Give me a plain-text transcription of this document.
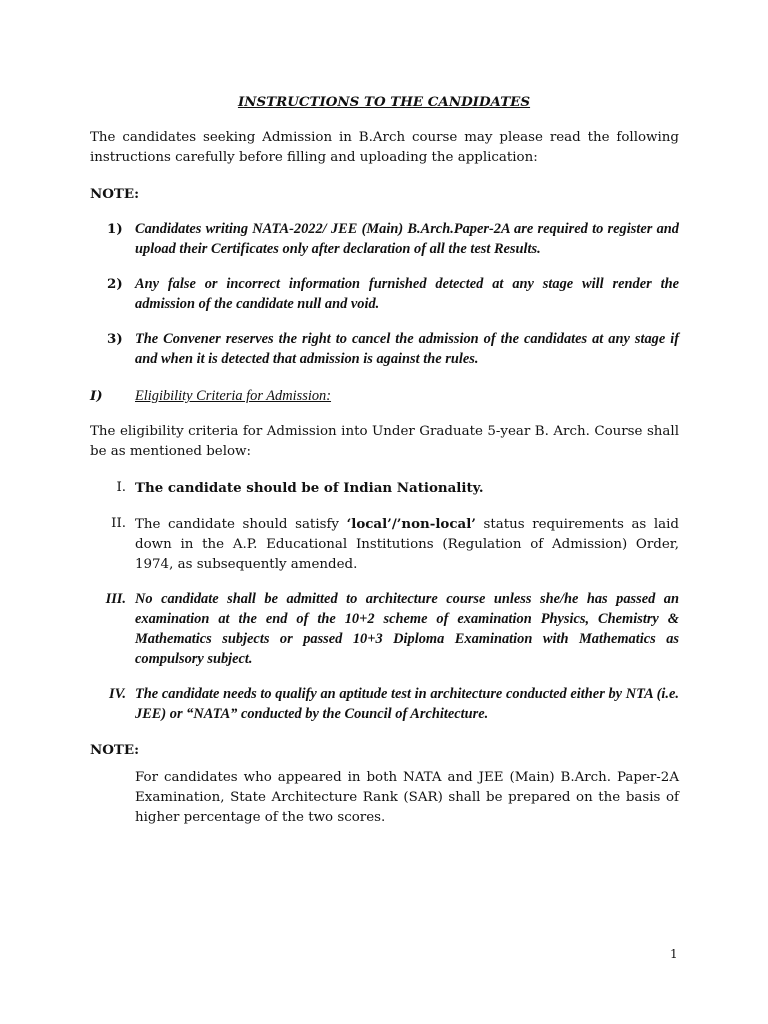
INSTRUCTIONS TO THE CANDIDATES
The candidates seeking Admission in B.Arch course may please read the following instructions carefully before filling and uploading the application:
NOTE:
1) Candidates writing NATA-2022/ JEE (Main) B.Arch.Paper-2A are required to register and upload their Certificates only after declaration of all the test Results.
2) Any false or incorrect information furnished detected at any stage will render the admission of the candidate null and void.
3) The Convener reserves the right to cancel the admission of the candidates at any stage if and when it is detected that admission is against the rules.
I) Eligibility Criteria for Admission:
The eligibility criteria for Admission into Under Graduate 5-year B. Arch. Course shall be as mentioned below:
I. The candidate should be of Indian Nationality.
II. The candidate should satisfy ‘local’/’non-local’ status requirements as laid down in the A.P. Educational Institutions (Regulation of Admission) Order, 1974, as subsequently amended.
III. No candidate shall be admitted to architecture course unless she/he has passed an examination at the end of the 10+2 scheme of examination Physics, Chemistry & Mathematics subjects or passed 10+3 Diploma Examination with Mathematics as compulsory subject.
IV. The candidate needs to qualify an aptitude test in architecture conducted either by NTA (i.e. JEE) or “NATA” conducted by the Council of Architecture.
NOTE:
For candidates who appeared in both NATA and JEE (Main) B.Arch. Paper-2A Examination, State Architecture Rank (SAR) shall be prepared on the basis of higher percentage of the two scores.
1
